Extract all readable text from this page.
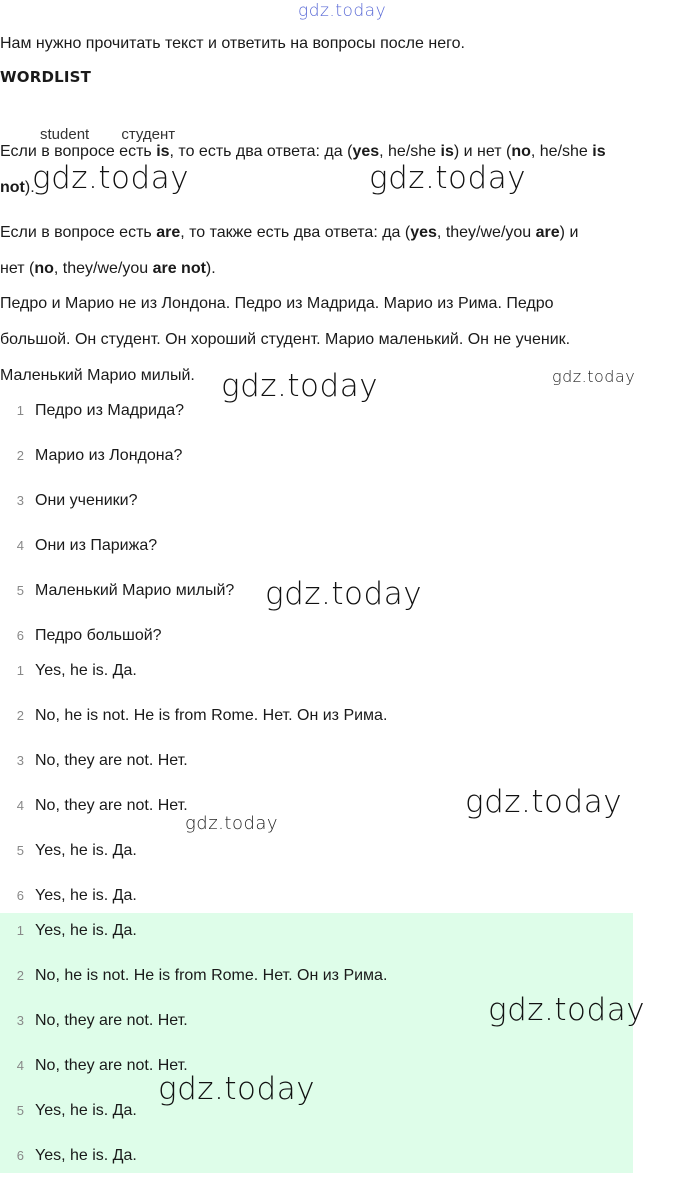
gdz.today
gdz.today	gdz.today
gdz.today	gdz.today
gdz.today

Нам нужно прочитать текст и ответить на вопросы после него.

WORDLIST
student студент

Если в вопросе есть is, то есть два ответа: да (yes, he/she is) и нет (no, he/she is

not).

Если в вопросе есть are, то также есть два ответа: да (yes, they/we/you are) и

нет (no, they/we/you are not).

Педро и Марио не из Лондона. Педро из Мадрида. Марио из Рима. Педро

большой. Он студент. Он хороший студент. Марио маленький. Он не ученик.

Маленький Марио милый.

1 Педро из Мадрида?
2 Марио из Лондона?
3 Они ученики?
4 Они из Парижа?
5 Маленький Марио милый?
6 Педро большой?
1 Yes, he is. Да.
2 No, he is not. He is from Rome. Нет. Он из Рима.
3 No, they are not. Нет.
4 No, they are not. Нет.
5 Yes, he is. Да.
6 Yes, he is. Да.
1 Yes, he is. Да.
2 No, he is not. He is from Rome. Нет. Он из Рима.
3 No, they are not. Нет.
4 No, they are not. Нет.
5 Yes, he is. Да.
6 Yes, he is. Да.
gdz.today
gdz.today
gdz.today
gdz.today
